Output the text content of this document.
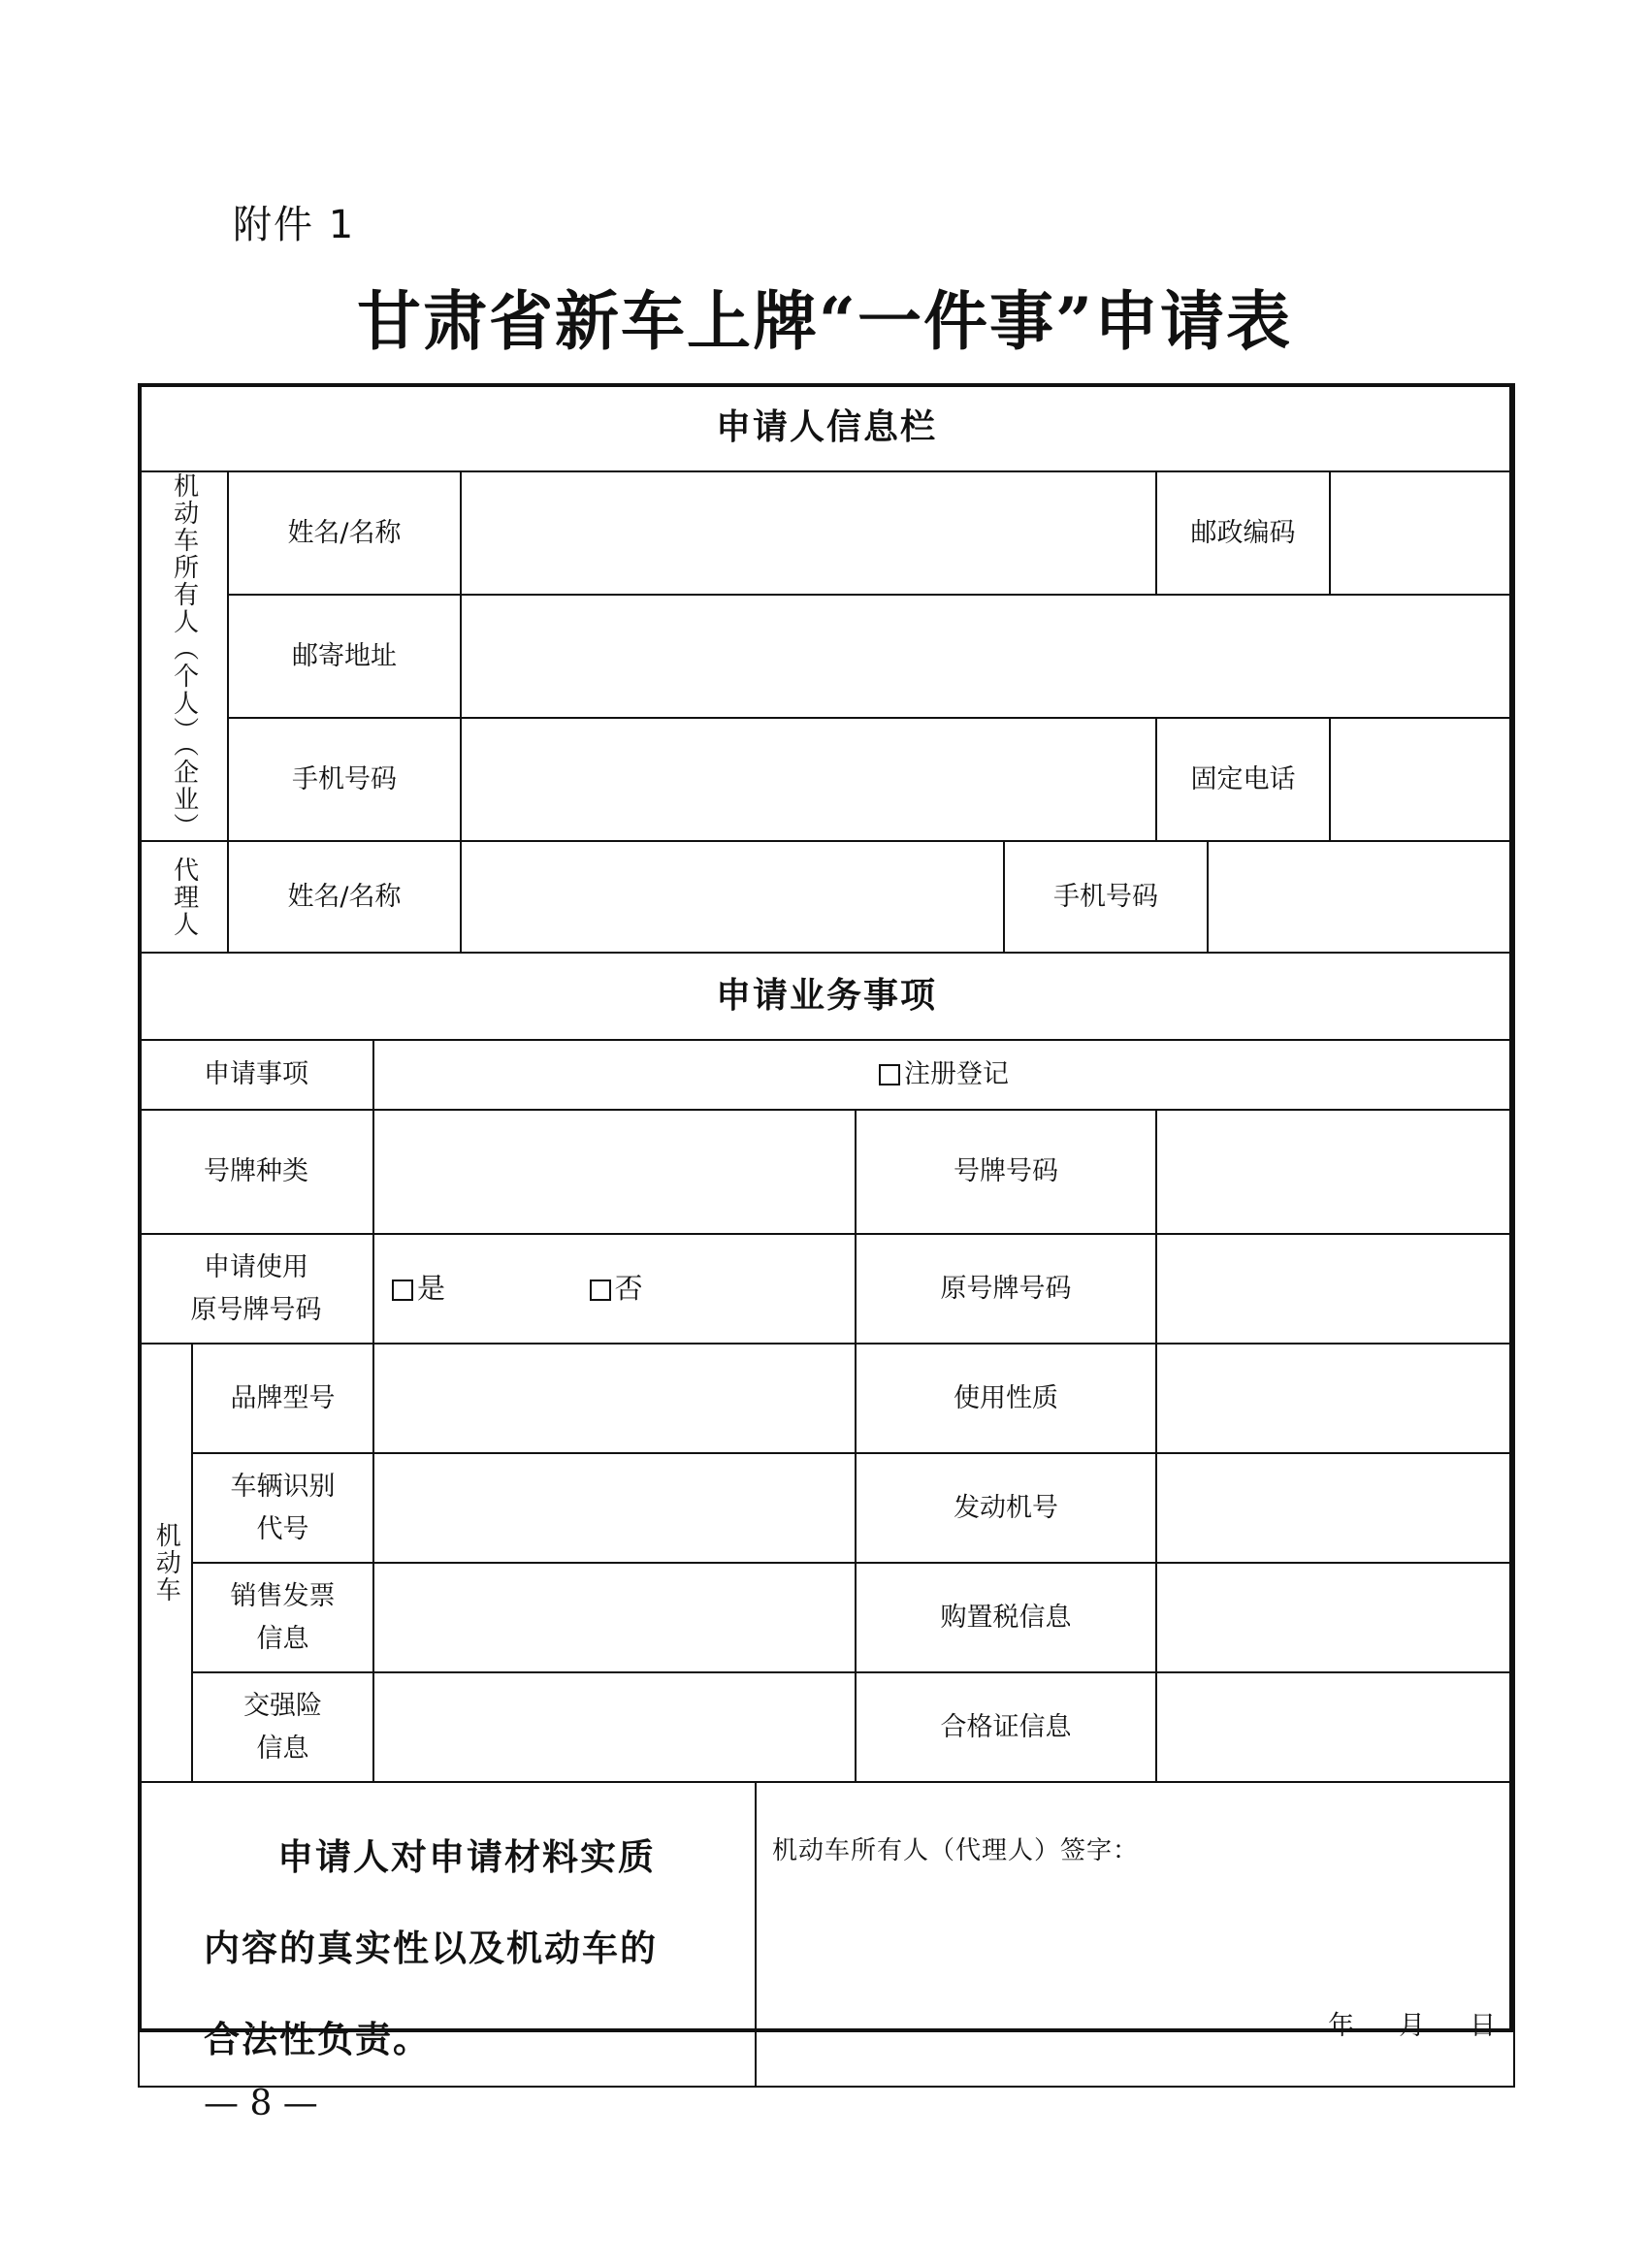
附件 1
甘肃省新车上牌“一件事”申请表
申请人信息栏										

机动车所有人（个人）（企业）		姓名/名称						邮政编码		

		邮寄地址								

		手机号码						固定电话		

代理人		姓名/名称					手机号码			

申请业务事项										
申请事项			注册登记							
号牌种类						号牌号码				

申请使用
原号牌号码			是 否			原号牌号码				

机动车	品牌型号					使用性质				

	车辆识别
代号					发动机号				

	销售发票
信息					购置税信息				

	交强险
信息					合格证信息				

申请人对申请材料实质
内容的真实性以及机动车的
合法性负责。					机动车所有人（代理人）签字：
年 月 日					
— 8 —
